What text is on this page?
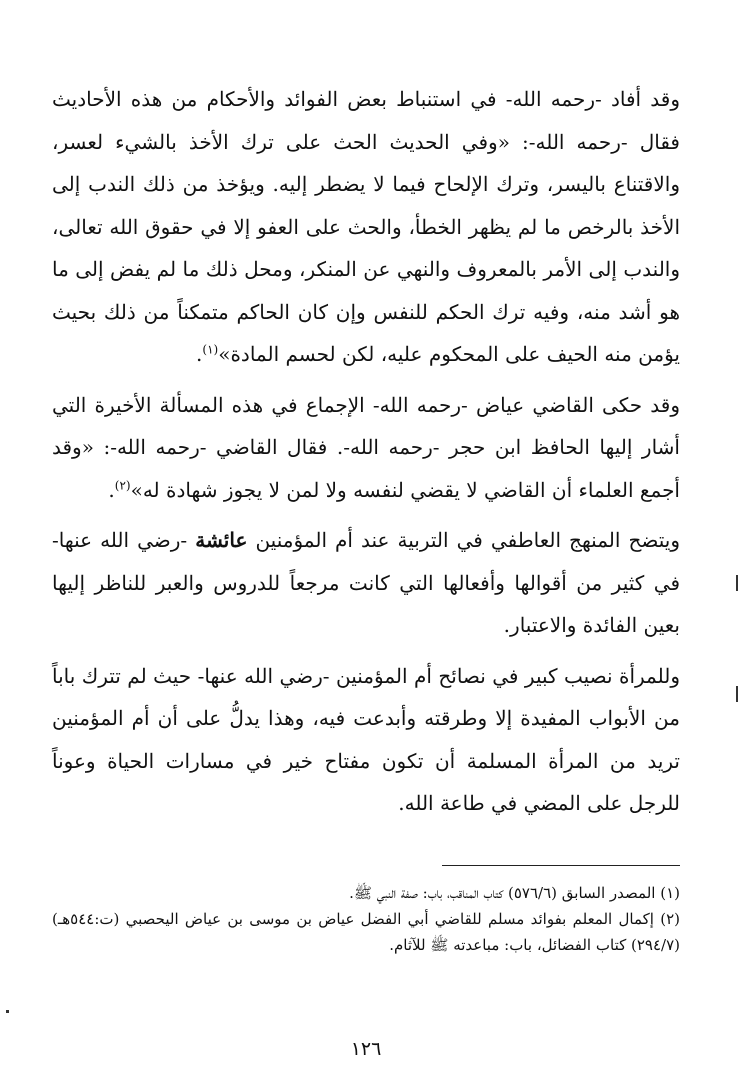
وقد أفاد -رحمه الله- في استنباط بعض الفوائد والأحكام من هذه الأحاديث فقال -رحمه الله-: «وفي الحديث الحث على ترك الأخذ بالشيء لعسر، والاقتناع باليسر، وترك الإلحاح فيما لا يضطر إليه. ويؤخذ من ذلك الندب إلى الأخذ بالرخص ما لم يظهر الخطأ، والحث على العفو إلا في حقوق الله تعالى، والندب إلى الأمر بالمعروف والنهي عن المنكر، ومحل ذلك ما لم يفض إلى ما هو أشد منه، وفيه ترك الحكم للنفس وإن كان الحاكم متمكناً من ذلك بحيث يؤمن منه الحيف على المحكوم عليه، لكن لحسم المادة»$^{(١)}$.

وقد حكى القاضي عياض -رحمه الله- الإجماع في هذه المسألة الأخيرة التي أشار إليها الحافظ ابن حجر -رحمه الله-. فقال القاضي -رحمه الله-: «وقد أجمع العلماء أن القاضي لا يقضي لنفسه ولا لمن لا يجوز شهادة له»$^{(٢)}$.

ويتضح المنهج العاطفي في التربية عند أم المؤمنين عائشة -رضي الله عنها- في كثير من أقوالها وأفعالها التي كانت مرجعاً للدروس والعبر للناظر إليها بعين الفائدة والاعتبار.

وللمرأة نصيب كبير في نصائح أم المؤمنين -رضي الله عنها- حيث لم تترك باباً من الأبواب المفيدة إلا وطرقته وأبدعت فيه، وهذا يدلُّ على أن أم المؤمنين تريد من المرأة المسلمة أن تكون مفتاح خير في مسارات الحياة وعوناً للرجل على المضي في طاعة الله.

(١) المصدر السابق (٥٧٦/٦) كتاب المناقب، باب: صفة النبي ﷺ.

(٢) إكمال المعلم بفوائد مسلم للقاضي أبي الفضل عياض بن موسى بن عياض اليحصبي (ت:٥٤٤هـ) (٢٩٤/٧) كتاب الفضائل، باب: مباعدته ﷺ للآثام.

١٢٦
